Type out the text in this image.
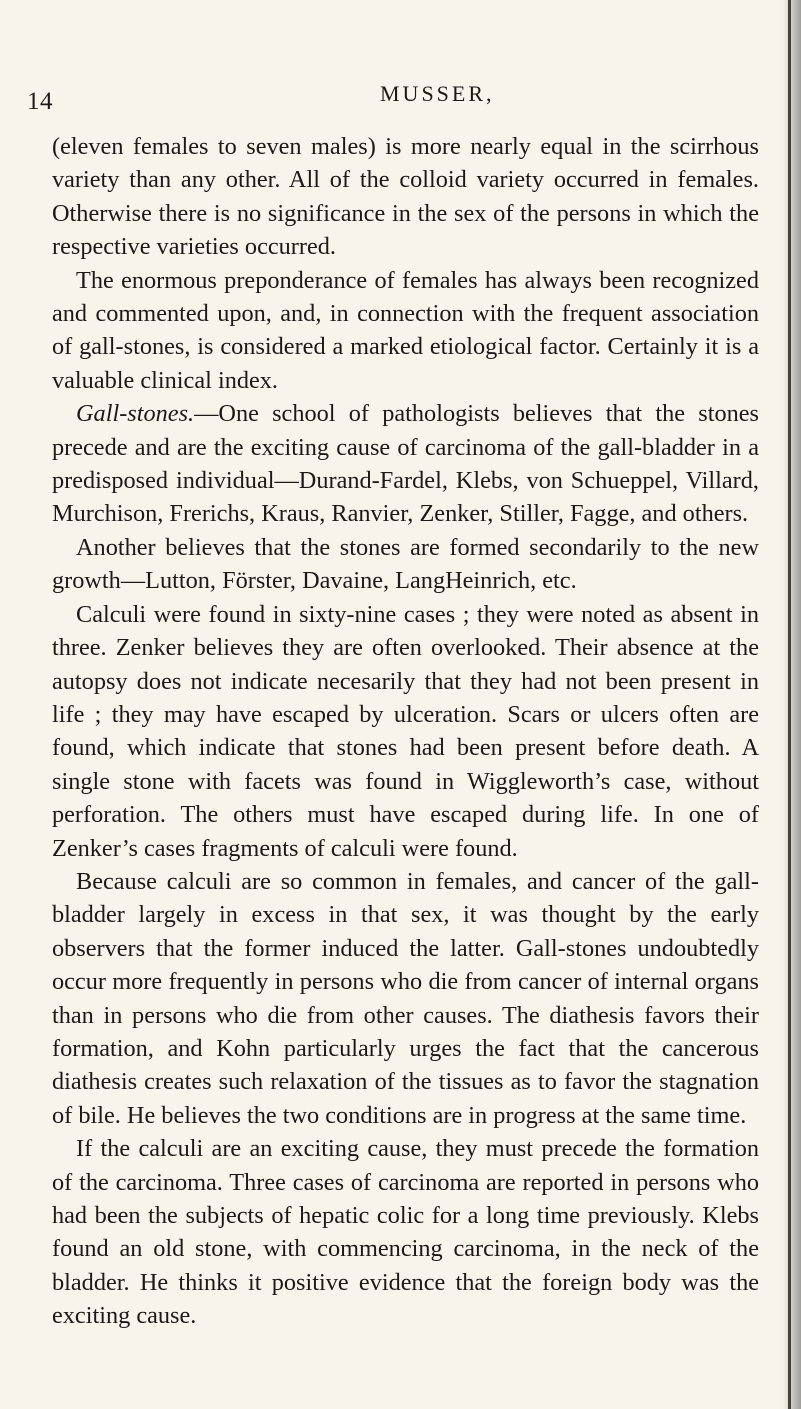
14	MUSSER,

(eleven females to seven males) is more nearly equal in the scirrhous variety than any other. All of the colloid variety occurred in females. Otherwise there is no significance in the sex of the persons in which the respective varieties occurred.

The enormous preponderance of females has always been recognized and commented upon, and, in connection with the frequent association of gall-stones, is considered a marked etiological factor. Certainly it is a valuable clinical index.

Gall-stones.—One school of pathologists believes that the stones precede and are the exciting cause of carcinoma of the gall-bladder in a predisposed individual—Durand-Fardel, Klebs, von Schueppel, Villard, Murchison, Frerichs, Kraus, Ranvier, Zenker, Stiller, Fagge, and others.

Another believes that the stones are formed secondarily to the new growth—Lutton, Förster, Davaine, LangHeinrich, etc.

Calculi were found in sixty-nine cases ; they were noted as absent in three. Zenker believes they are often overlooked. Their absence at the autopsy does not indicate necesarily that they had not been present in life ; they may have escaped by ulceration. Scars or ulcers often are found, which indicate that stones had been present before death. A single stone with facets was found in Wiggleworth’s case, without perforation. The others must have escaped during life. In one of Zenker’s cases fragments of calculi were found.

Because calculi are so common in females, and cancer of the gall-bladder largely in excess in that sex, it was thought by the early observers that the former induced the latter. Gall-stones undoubtedly occur more frequently in persons who die from cancer of internal organs than in persons who die from other causes. The diathesis favors their formation, and Kohn particularly urges the fact that the cancerous diathesis creates such relaxation of the tissues as to favor the stagnation of bile. He believes the two conditions are in progress at the same time.

If the calculi are an exciting cause, they must precede the formation of the carcinoma. Three cases of carcinoma are reported in persons who had been the subjects of hepatic colic for a long time previously. Klebs found an old stone, with commencing carcinoma, in the neck of the bladder. He thinks it positive evidence that the foreign body was the exciting cause.
